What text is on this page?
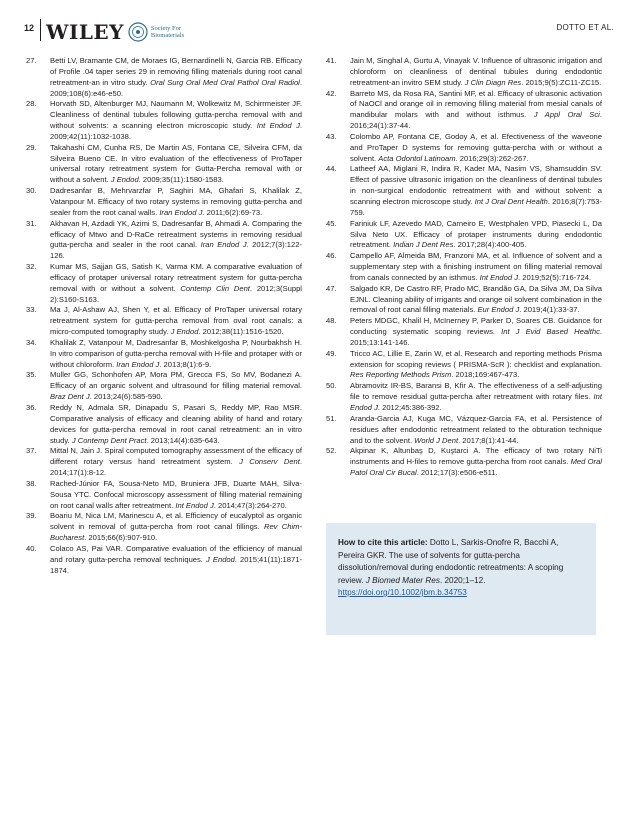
12 WILEY	Society For
Biomaterials
DOTTO ET AL.
27.	Betti LV, Bramante CM, de Moraes IG, Bernardinelli N, Garcia RB. Efficacy of Profile .04 taper series 29 in removing filling materials during root canal retreatment-an in vitro study. Oral Surg Oral Med Oral Pathol Oral Radiol. 2009;108(6):e46-e50.
28.	Horvath SD, Altenburger MJ, Naumann M, Wolkewitz M, Schirrmeister JF. Cleanliness of dentinal tubules following gutta-percha removal with and without solvents: a scanning electron microscopic study. Int Endod J. 2009;42(11):1032-1038.
29.	Takahashi CM, Cunha RS, De Martin AS, Fontana CE, Silveira CFM, da Silveira Bueno CE. In vitro evaluation of the effectiveness of ProTaper universal rotary retreatment system for Gutta-Percha removal with or without a solvent. J Endod. 2009;35(11):1580-1583.
30.	Dadresanfar B, Mehrvarzfar P, Saghiri MA, Ghafari S, Khalilak Z, Vatanpour M. Efficacy of two rotary systems in removing gutta-percha and sealer from the root canal walls. Iran Endod J. 2011;6(2):69-73.
31.	Akhavan H, Azdadi YK, Azimi S, Dadresanfar B, Ahmadi A. Comparing the efficacy of Mtwo and D-RaCe retreatment systems in removing residual gutta-percha and sealer in the root canal. Iran Endod J. 2012;7(3):122-126.
32.	Kumar MS, Sajjan GS, Satish K, Varma KM. A comparative evaluation of efficacy of protaper universal rotary retreatment system for gutta-percha removal with or without a solvent. Contemp Clin Dent. 2012;3(Suppl 2):S160-S163.
33.	Ma J, Al-Ashaw AJ, Shen Y, et al. Efficacy of ProTaper universal rotary retreatment system for gutta-percha removal from oval root canals: a micro-computed tomography study. J Endod. 2012;38(11):1516-1520.
34.	Khalilak Z, Vatanpour M, Dadresanfar B, Moshkelgosha P, Nourbakhsh H. In vitro comparison of gutta-percha removal with H-file and protaper with or without chloroform. Iran Endod J. 2013;8(1):6-9.
35.	Muller GG, Schonhofen AP, Mora PM, Grecca FS, So MV, Bodanezi A. Efficacy of an organic solvent and ultrasound for filling material removal. Braz Dent J. 2013;24(6):585-590.
36.	Reddy N, Admala SR, Dinapadu S, Pasari S, Reddy MP, Rao MSR. Comparative analysis of efficacy and cleaning ability of hand and rotary devices for gutta-percha removal in root canal retreatment: an in vitro study. J Contemp Dent Pract. 2013;14(4):635-643.
37.	Mittal N, Jain J. Spiral computed tomography assessment of the efficacy of different rotary versus hand retreatment system. J Conserv Dent. 2014;17(1):8-12.
38.	Rached-Júnior FA, Sousa-Neto MD, Bruniera JFB, Duarte MAH, Silva-Sousa YTC. Confocal microscopy assessment of filling material remaining on root canal walls after retreatment. Int Endod J. 2014;47(3):264-270.
39.	Boariu M, Nica LM, Marinescu A, et al. Efficiency of eucalyptol as organic solvent in removal of gutta-percha from root canal fillings. Rev Chim-Bucharest. 2015;66(6):907-910.
40.	Colaco AS, Pai VAR. Comparative evaluation of the efficiency of manual and rotary gutta-percha removal techniques. J Endod. 2015;41(11):1871-1874.
41.	Jain M, Singhal A, Gurtu A, Vinayak V. Influence of ultrasonic irrigation and chloroform on cleanliness of dentinal tubules during endodontic retreatment-an invitro SEM study. J Clin Diagn Res. 2015;9(5):ZC11-ZC15.
42.	Barreto MS, da Rosa RA, Santini MF, et al. Efficacy of ultrasonic activation of NaOCl and orange oil in removing filling material from mesial canals of mandibular molars with and without isthmus. J Appl Oral Sci. 2016;24(1):37-44.
43.	Colombo AP, Fontana CE, Godoy A, et al. Efectiveness of the waveone and ProTaper D systems for removing gutta-percha with or without a solvent. Acta Odontol Latinoam. 2016;29(3):262-267.
44.	Latheef AA, Miglani R, Indira R, Kader MA, Nasim VS, Shamsuddin SV. Effect of passive ultrasonic irrigation on the cleanliness of dentinal tubules in non-surgical endodontic retreatment with and without solvent: a scanning electron microscope study. Int J Oral Dent Health. 2016;8(7):753-759.
45.	Fariniuk LF, Azevedo MAD, Carneiro E, Westphalen VPD, Piasecki L, Da Silva Neto UX. Efficacy of protaper instruments during endodontic retreatment. Indian J Dent Res. 2017;28(4):400-405.
46.	Campello AF, Almeida BM, Franzoni MA, et al. Influence of solvent and a supplementary step with a finishing instrument on filling material removal from canals connected by an isthmus. Int Endod J. 2019;52(5):716-724.
47.	Salgado KR, De Castro RF, Prado MC, Brandão GA, Da Silva JM, Da Silva EJNL. Cleaning ability of irrigants and orange oil solvent combination in the removal of root canal filling materials. Eur Endod J. 2019;4(1):33-37.
48.	Peters MDGC, Khalil H, McInerney P, Parker D, Soares CB. Guidance for conducting systematic scoping reviews. Int J Evid Based Healthc. 2015;13:141-146.
49.	Tricco AC, Lillie E, Zarin W, et al. Research and reporting methods Prisma extension for scoping reviews ( PRISMA-ScR ): checklist and explanation. Res Reporting Methods Prism. 2018;169:467-473.
50.	Abramovitz IR-BS, Baransi B, Kfir A. The effectiveness of a self-adjusting file to remove residual gutta-percha after retreatment with rotary files. Int Endod J. 2012;45:386-392.
51.	Aranda-Garcia AJ, Kuga MC, Vázquez-Garcia FA, et al. Persistence of residues after endodontic retreatment related to the obturation technique and to the solvent. World J Dent. 2017;8(1):41-44.
52.	Akpinar K, Altunbaş D, Kuştarci A. The efficacy of two rotary NiTi instruments and H-files to remove gutta-percha from root canals. Med Oral Patol Oral Cir Bucal. 2012;17(3):e506-e511.
How to cite this article: Dotto L, Sarkis-Onofre R, Bacchi A, Pereira GKR. The use of solvents for gutta-percha dissolution/removal during endodontic retreatments: A scoping review. J Biomed Mater Res. 2020;1–12. https://doi.org/10.1002/jbm.b.34753
